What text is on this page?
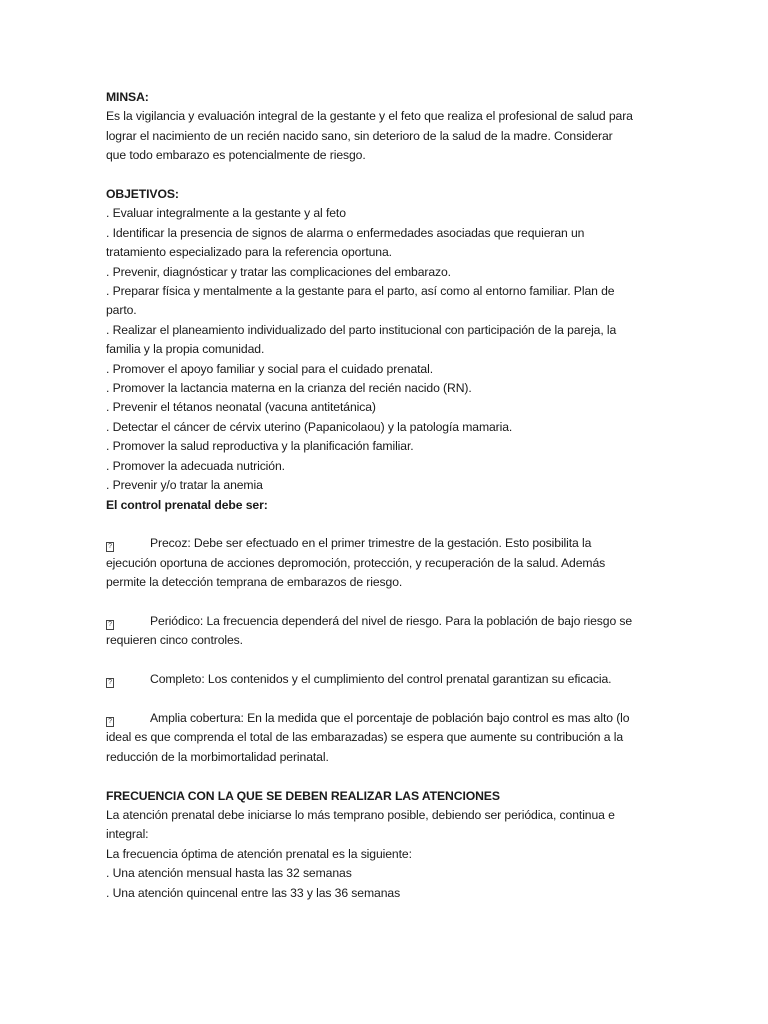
MINSA:
Es la vigilancia y evaluación integral de la gestante y el feto que realiza el profesional de salud para
lograr el nacimiento de un recién nacido sano, sin deterioro de la salud de la madre. Considerar
que todo embarazo es potencialmente de riesgo.
OBJETIVOS:
. Evaluar integralmente a la gestante y al feto
. Identificar la presencia de signos de alarma o enfermedades asociadas que requieran un
tratamiento especializado para la referencia oportuna.
. Prevenir, diagnósticar y tratar las complicaciones del embarazo.
. Preparar física y mentalmente a la gestante para el parto, así como al entorno familiar. Plan de
parto.
. Realizar el planeamiento individualizado del parto institucional con participación de la pareja, la
familia y la propia comunidad.
. Promover el apoyo familiar y social para el cuidado prenatal.
. Promover la lactancia materna en la crianza del recién nacido (RN).
. Prevenir el tétanos neonatal (vacuna antitetánica)
. Detectar el cáncer de cérvix uterino (Papanicolaou) y la patología mamaria.
. Promover la salud reproductiva y la planificación familiar.
. Promover la adecuada nutrición.
. Prevenir y/o tratar la anemia
El control prenatal debe ser:
?	Precoz: Debe ser efectuado en el primer trimestre de la gestación. Esto posibilita la
ejecución oportuna de acciones depromoción, protección, y recuperación de la salud. Además
permite la detección temprana de embarazos de riesgo.
?	Periódico: La frecuencia dependerá del nivel de riesgo. Para la población de bajo riesgo se
requieren cinco controles.
?	Completo: Los contenidos y el cumplimiento del control prenatal garantizan su eficacia.
?	Amplia cobertura: En la medida que el porcentaje de población bajo control es mas alto (lo
ideal es que comprenda el total de las embarazadas) se espera que aumente su contribución a la
reducción de la morbimortalidad perinatal.
FRECUENCIA CON LA QUE SE DEBEN REALIZAR LAS ATENCIONES
La atención prenatal debe iniciarse lo más temprano posible, debiendo ser periódica, continua e
integral:
La frecuencia óptima de atención prenatal es la siguiente:
. Una atención mensual hasta las 32 semanas
. Una atención quincenal entre las 33 y las 36 semanas
